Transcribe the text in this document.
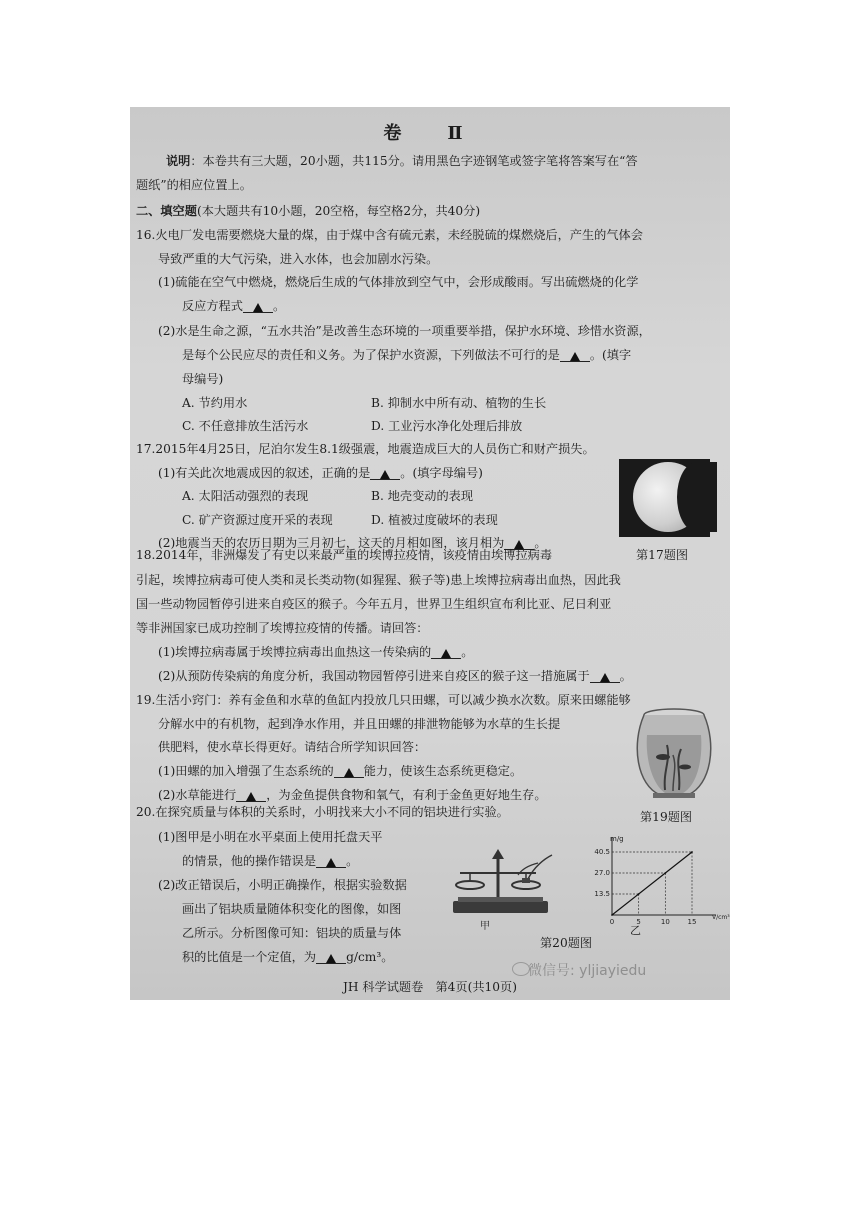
卷　Ⅱ
说明：本卷共有三大题，20小题，共115分。请用黑色字迹钢笔或签字笔将答案写在“答
题纸”的相应位置上。
二、填空题(本大题共有10小题，20空格，每空格2分，共40分)
16.火电厂发电需要燃烧大量的煤，由于煤中含有硫元素，未经脱硫的煤燃烧后，产生的气体会
导致严重的大气污染，进入水体，也会加剧水污染。
(1)硫能在空气中燃烧，燃烧后生成的气体排放到空气中，会形成酸雨。写出硫燃烧的化学
反应方程式 。
(2)水是生命之源，“五水共治”是改善生态环境的一项重要举措，保护水环境、珍惜水资源，
是每个公民应尽的责任和义务。为了保护水资源，下列做法不可行的是 。(填字
母编号)
A. 节约用水	B. 抑制水中所有动、植物的生长
C. 不任意排放生活污水	D. 工业污水净化处理后排放
17.2015年4月25日，尼泊尔发生8.1级强震，地震造成巨大的人员伤亡和财产损失。
(1)有关此次地震成因的叙述，正确的是 。(填字母编号)
A. 太阳活动强烈的表现	B. 地壳变动的表现
C. 矿产资源过度开采的表现	D. 植被过度破坏的表现
(2)地震当天的农历日期为三月初七，这天的月相如图，该月相为 。
第17题图
18.2014年，非洲爆发了有史以来最严重的埃博拉疫情，该疫情由埃博拉病毒
引起，埃博拉病毒可使人类和灵长类动物(如猩猩、猴子等)患上埃博拉病毒出血热，因此我
国一些动物园暂停引进来自疫区的猴子。今年五月，世界卫生组织宣布利比亚、尼日利亚
等非洲国家已成功控制了埃博拉疫情的传播。请回答：
(1)埃博拉病毒属于埃博拉病毒出血热这一传染病的 。
(2)从预防传染病的角度分析，我国动物园暂停引进来自疫区的猴子这一措施属于 。
19.生活小窍门：养有金鱼和水草的鱼缸内投放几只田螺，可以减少换水次数。原来田螺能够
分解水中的有机物，起到净水作用，并且田螺的排泄物能够为水草的生长提
供肥料，使水草长得更好。请结合所学知识回答：
(1)田螺的加入增强了生态系统的 能力，使该生态系统更稳定。
(2)水草能进行 ，为金鱼提供食物和氧气，有利于金鱼更好地生存。
第19题图
20.在探究质量与体积的关系时，小明找来大小不同的铝块进行实验。
(1)图甲是小明在水平桌面上使用托盘天平
的情景，他的操作错误是 。
(2)改正错误后，小明正确操作，根据实验数据
画出了铝块质量随体积变化的图像，如图
乙所示。分析图像可知：铝块的质量与体
积的比值是一个定值，为 g/cm³。
甲
m/g
V/cm³
0	5	10	15
13.5
27.0
40.5
乙
第20题图
微信号: yljiayiedu
JH 科学试题卷　第4页(共10页)
